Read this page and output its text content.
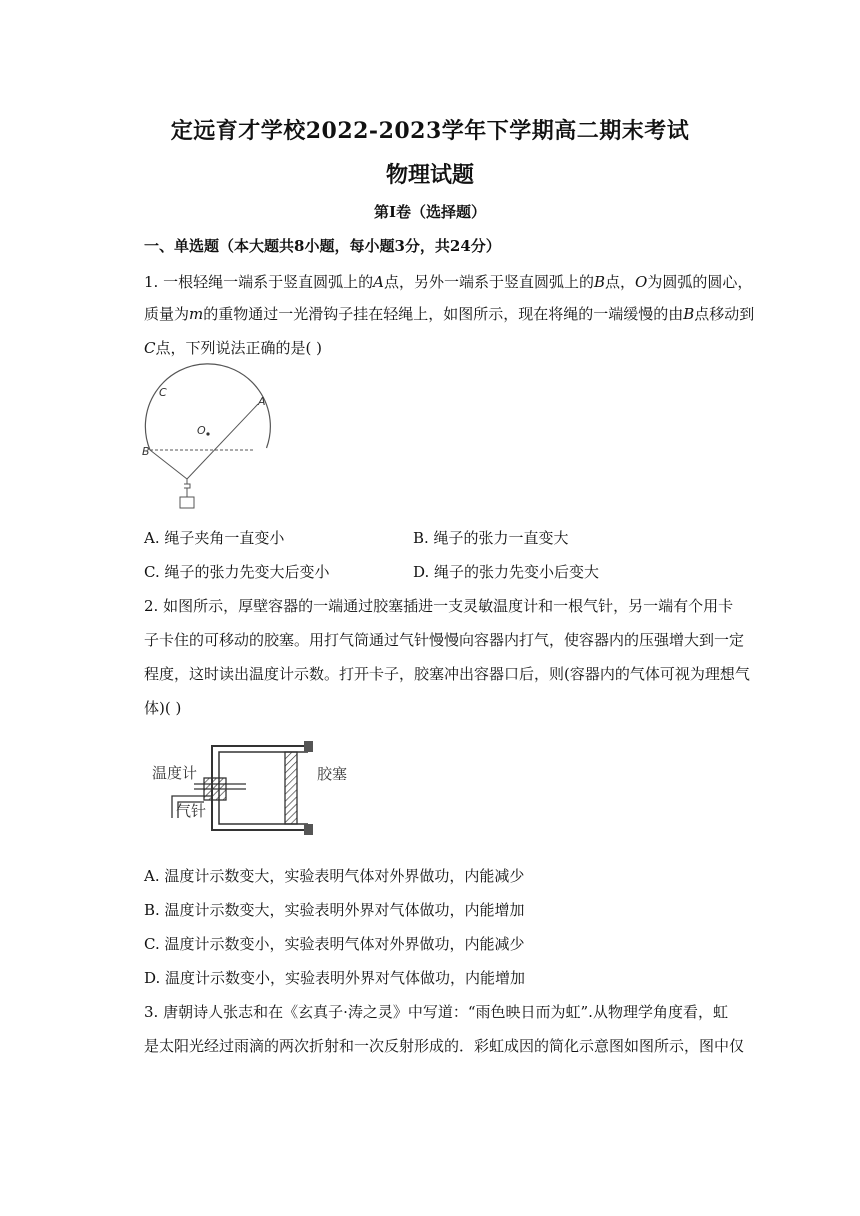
定远育才学校2022-2023学年下学期高二期末考试
物理试题
第I卷（选择题）
一、单选题（本大题共8小题，每小题3分，共24分）
1. 一根轻绳一端系于竖直圆弧上的A点，另外一端系于竖直圆弧上的B点，O为圆弧的圆心，
质量为m的重物通过一光滑钩子挂在轻绳上，如图所示，现在将绳的一端缓慢的由B点移动到
C点，下列说法正确的是( )
C
A
O
B
A. 绳子夹角一直变小	B. 绳子的张力一直变大
C. 绳子的张力先变大后变小	D. 绳子的张力先变小后变大
2. 如图所示，厚壁容器的一端通过胶塞插进一支灵敏温度计和一根气针，另一端有个用卡
子卡住的可移动的胶塞。用打气筒通过气针慢慢向容器内打气，使容器内的压强增大到一定
程度，这时读出温度计示数。打开卡子，胶塞冲出容器口后，则(容器内的气体可视为理想气
体)( )
温度计
气针
胶塞
A. 温度计示数变大，实验表明气体对外界做功，内能减少
B. 温度计示数变大，实验表明外界对气体做功，内能增加
C. 温度计示数变小，实验表明气体对外界做功，内能减少
D. 温度计示数变小，实验表明外界对气体做功，内能增加
3. 唐朝诗人张志和在《玄真子·涛之灵》中写道：“雨色映日而为虹”.从物理学角度看，虹
是太阳光经过雨滴的两次折射和一次反射形成的．彩虹成因的简化示意图如图所示，图中仅
